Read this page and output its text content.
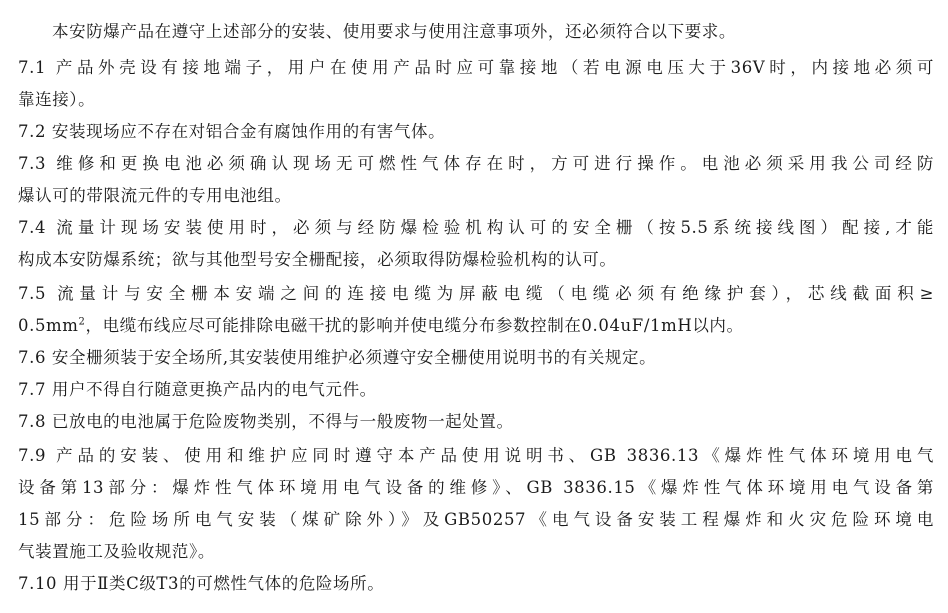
本安防爆产品在遵守上述部分的安装、使用要求与使用注意事项外，还必须符合以下要求。
7.1 产品外壳设有接地端子，用户在使用产品时应可靠接地（若电源电压大于36V时，内接地必须可
靠连接）。
7.2 安装现场应不存在对铝合金有腐蚀作用的有害气体。
7.3 维修和更换电池必须确认现场无可燃性气体存在时，方可进行操作。电池必须采用我公司经防
爆认可的带限流元件的专用电池组。
7.4 流量计现场安装使用时，必须与经防爆检验机构认可的安全栅（按5.5系统接线图）配接,才能
构成本安防爆系统；欲与其他型号安全栅配接，必须取得防爆检验机构的认可。
7.5 流量计与安全栅本安端之间的连接电缆为屏蔽电缆（电缆必须有绝缘护套），芯线截面积≥
$0.5mm^2$，电缆布线应尽可能排除电磁干扰的影响并使电缆分布参数控制在0.04uF/1mH以内。
7.6 安全栅须装于安全场所,其安装使用维护必须遵守安全栅使用说明书的有关规定。
7.7 用户不得自行随意更换产品内的电气元件。
7.8 已放电的电池属于危险废物类别，不得与一般废物一起处置。
7.9 产品的安装、使用和维护应同时遵守本产品使用说明书、GB 3836.13《爆炸性气体环境用电气
设备第13部分：爆炸性气体环境用电气设备的维修》、GB 3836.15《爆炸性气体环境用电气设备第
15部分：危险场所电气安装（煤矿除外）》及GB50257《电气设备安装工程爆炸和火灾危险环境电
气装置施工及验收规范》。
7.10 用于Ⅱ类C级T3的可燃性气体的危险场所。
